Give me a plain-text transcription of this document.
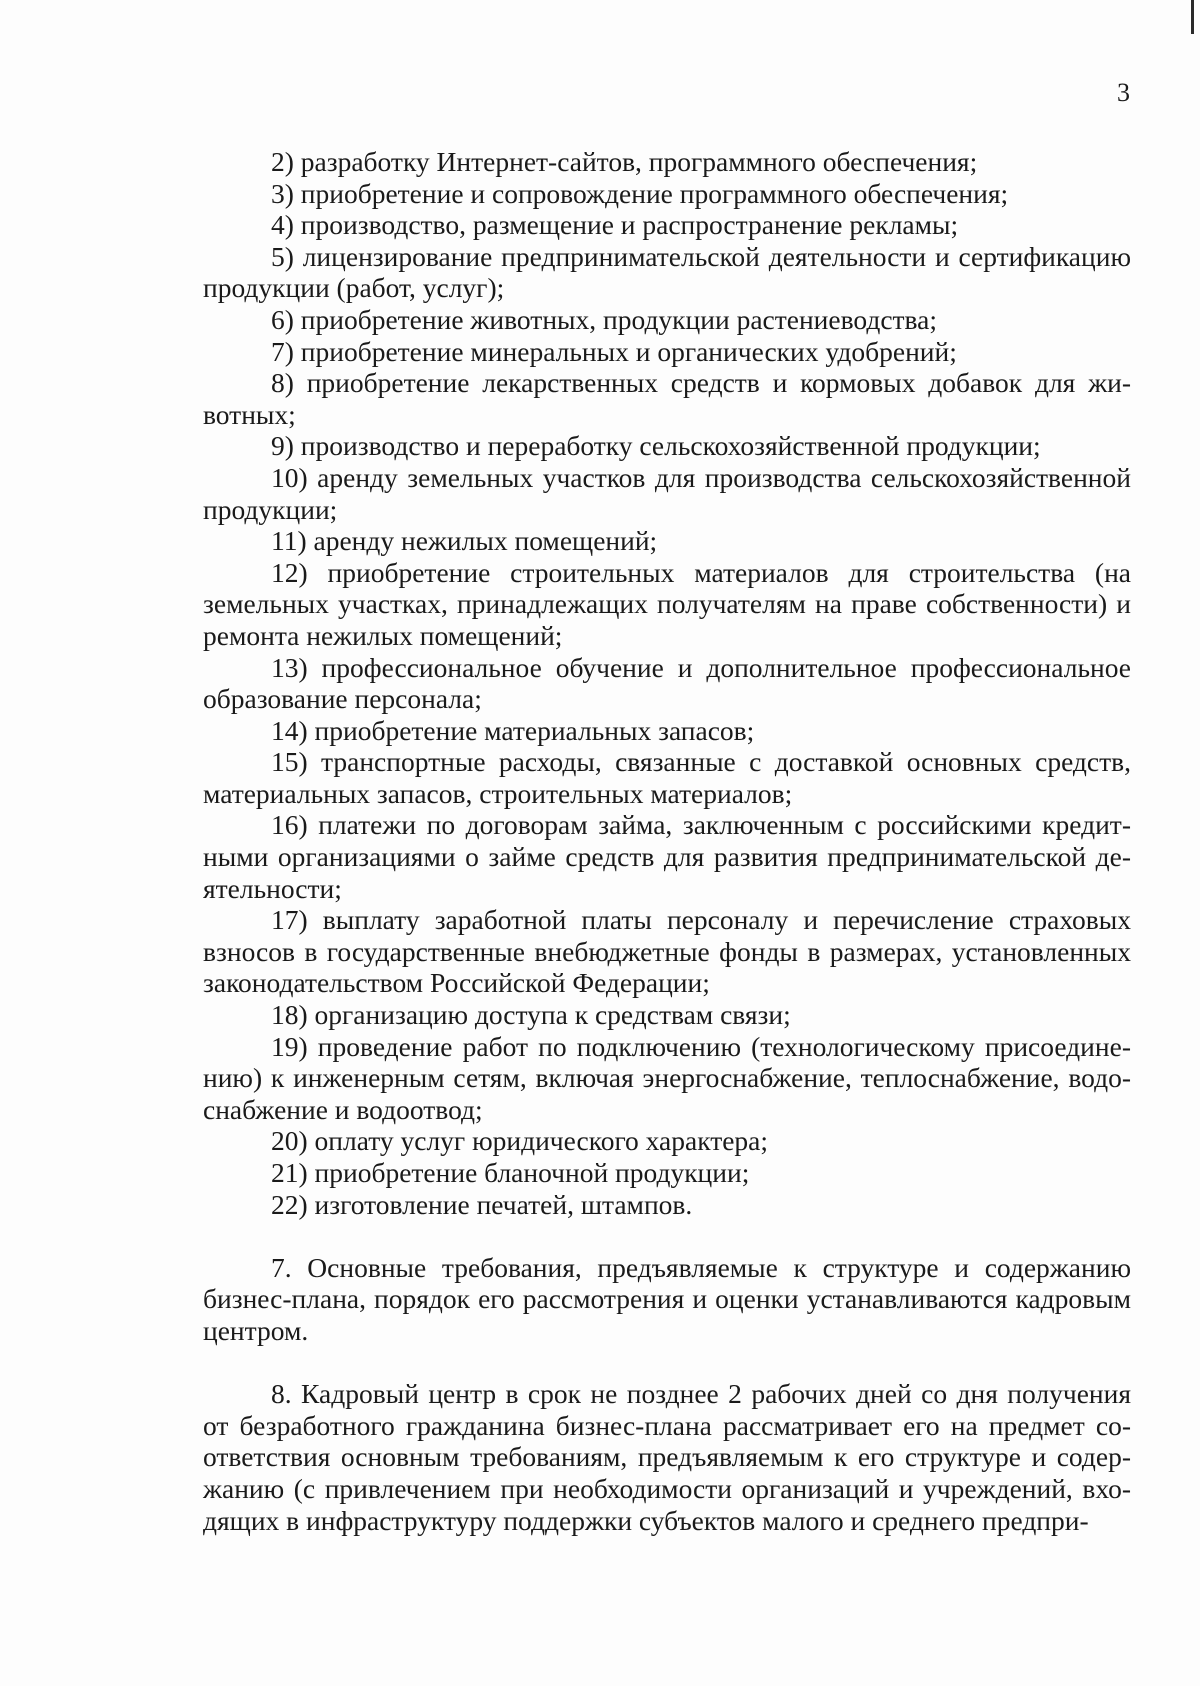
3

2) разработку Интернет-сайтов, программного обеспечения;

3) приобретение и сопровождение программного обеспечения;

4) производство, размещение и распространение рекламы;

5) лицензирование предпринимательской деятельности и сертификацию продукции (работ, услуг);

6) приобретение животных, продукции растениеводства;

7) приобретение минеральных и органических удобрений;

8) приобретение лекарственных средств и кормовых добавок для животных;

9) производство и переработку сельскохозяйственной продукции;

10) аренду земельных участков для производства сельскохозяйственной продукции;

11) аренду нежилых помещений;

12) приобретение строительных материалов для строительства (на земельных участках, принадлежащих получателям на праве собственности) и ремонта нежилых помещений;

13) профессиональное обучение и дополнительное профессиональное образование персонала;

14) приобретение материальных запасов;

15) транспортные расходы, связанные с доставкой основных средств, материальных запасов, строительных материалов;

16) платежи по договорам займа, заключенным с российскими кредитными организациями о займе средств для развития предпринимательской деятельности;

17) выплату заработной платы персоналу и перечисление страховых взносов в государственные внебюджетные фонды в размерах, установленных законодательством Российской Федерации;

18) организацию доступа к средствам связи;

19) проведение работ по подключению (технологическому присоединению) к инженерным сетям, включая энергоснабжение, теплоснабжение, водоснабжение и водоотвод;

20) оплату услуг юридического характера;

21) приобретение бланочной продукции;

22) изготовление печатей, штампов.

7. Основные требования, предъявляемые к структуре и содержанию бизнес-плана, порядок его рассмотрения и оценки устанавливаются кадровым центром.

8. Кадровый центр в срок не позднее 2 рабочих дней со дня получения от безработного гражданина бизнес-плана рассматривает его на предмет соответствия основным требованиям, предъявляемым к его структуре и содержанию (с привлечением при необходимости организаций и учреждений, входящих в инфраструктуру поддержки субъектов малого и среднего предпри-
